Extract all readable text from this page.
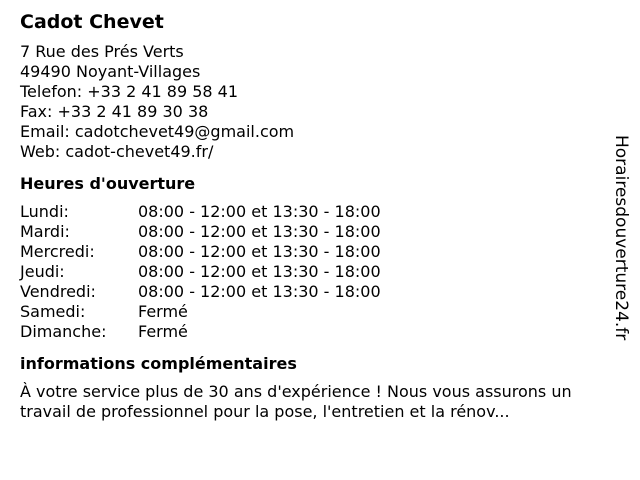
Cadot Chevet
7 Rue des Prés Verts
49490 Noyant-Villages
Telefon: +33 2 41 89 58 41
Fax: +33 2 41 89 30 38
Email: cadotchevet49@gmail.com
Web: cadot-chevet49.fr/
Heures d'ouverture
Lundi:	08:00 - 12:00 et 13:30 - 18:00
Mardi:	08:00 - 12:00 et 13:30 - 18:00
Mercredi:	08:00 - 12:00 et 13:30 - 18:00
Jeudi:	08:00 - 12:00 et 13:30 - 18:00
Vendredi:	08:00 - 12:00 et 13:30 - 18:00
Samedi:	Fermé
Dimanche:	Fermé
informations complémentaires
À votre service plus de 30 ans d'expérience ! Nous vous assurons un travail de professionnel pour la pose, l'entretien et la rénov...
Horairesdouverture24.fr
